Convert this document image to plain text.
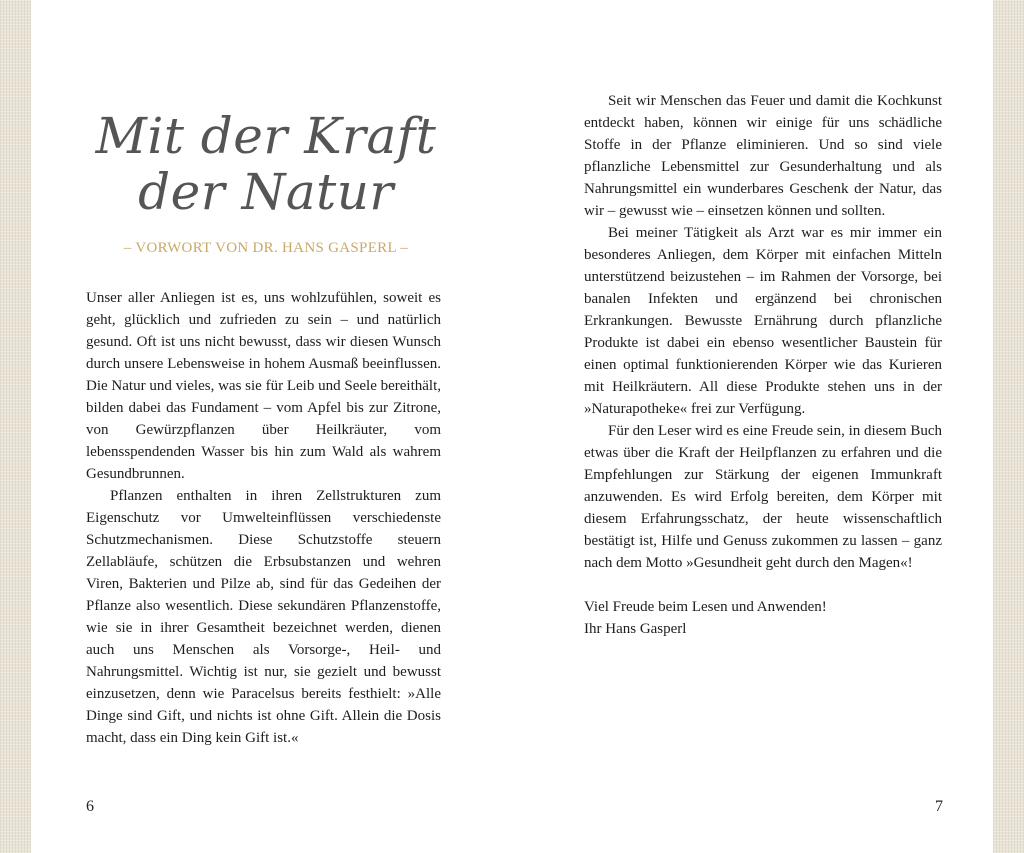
Mit der Kraft
der Natur
– VORWORT VON DR. HANS GASPERL –

Unser aller Anliegen ist es, uns wohlzufühlen, soweit es geht, glücklich und zufrieden zu sein – und natürlich gesund. Oft ist uns nicht bewusst, dass wir diesen Wunsch durch unsere Lebensweise in hohem Ausmaß beeinflussen. Die Natur und vieles, was sie für Leib und Seele bereithält, bilden dabei das Fundament – vom Apfel bis zur Zitrone, von Gewürzpflanzen über Heilkräuter, vom lebensspendenden Wasser bis hin zum Wald als wahrem Gesundbrunnen.

Pflanzen enthalten in ihren Zellstrukturen zum Eigenschutz vor Umwelteinflüssen verschiedenste Schutzmechanismen. Diese Schutzstoffe steuern Zellabläufe, schützen die Erbsubstanzen und wehren Viren, Bakterien und Pilze ab, sind für das Gedeihen der Pflanze also wesentlich. Diese sekundären Pflanzenstoffe, wie sie in ihrer Gesamtheit bezeichnet werden, dienen auch uns Menschen als Vorsorge-, Heil- und Nahrungsmittel. Wichtig ist nur, sie gezielt und bewusst einzusetzen, denn wie Paracelsus bereits festhielt: »Alle Dinge sind Gift, und nichts ist ohne Gift. Allein die Dosis macht, dass ein Ding kein Gift ist.«

6

Seit wir Menschen das Feuer und damit die Kochkunst entdeckt haben, können wir einige für uns schädliche Stoffe in der Pflanze eliminieren. Und so sind viele pflanzliche Lebensmittel zur Gesunderhaltung und als Nahrungsmittel ein wunderbares Geschenk der Natur, das wir – gewusst wie – einsetzen können und sollten.

Bei meiner Tätigkeit als Arzt war es mir immer ein besonderes Anliegen, dem Körper mit einfachen Mitteln unterstützend beizustehen – im Rahmen der Vorsorge, bei banalen Infekten und ergänzend bei chronischen Erkrankungen. Bewusste Ernährung durch pflanzliche Produkte ist dabei ein ebenso wesentlicher Baustein für einen optimal funktionierenden Körper wie das Kurieren mit Heilkräutern. All diese Produkte stehen uns in der »Naturapotheke« frei zur Verfügung.

Für den Leser wird es eine Freude sein, in diesem Buch etwas über die Kraft der Heilpflanzen zu erfahren und die Empfehlungen zur Stärkung der eigenen Immunkraft anzuwenden. Es wird Erfolg bereiten, dem Körper mit diesem Erfahrungsschatz, der heute wissenschaftlich bestätigt ist, Hilfe und Genuss zukommen zu lassen – ganz nach dem Motto »Gesundheit geht durch den Magen«!

Viel Freude beim Lesen und Anwenden!
Ihr Hans Gasperl

7
